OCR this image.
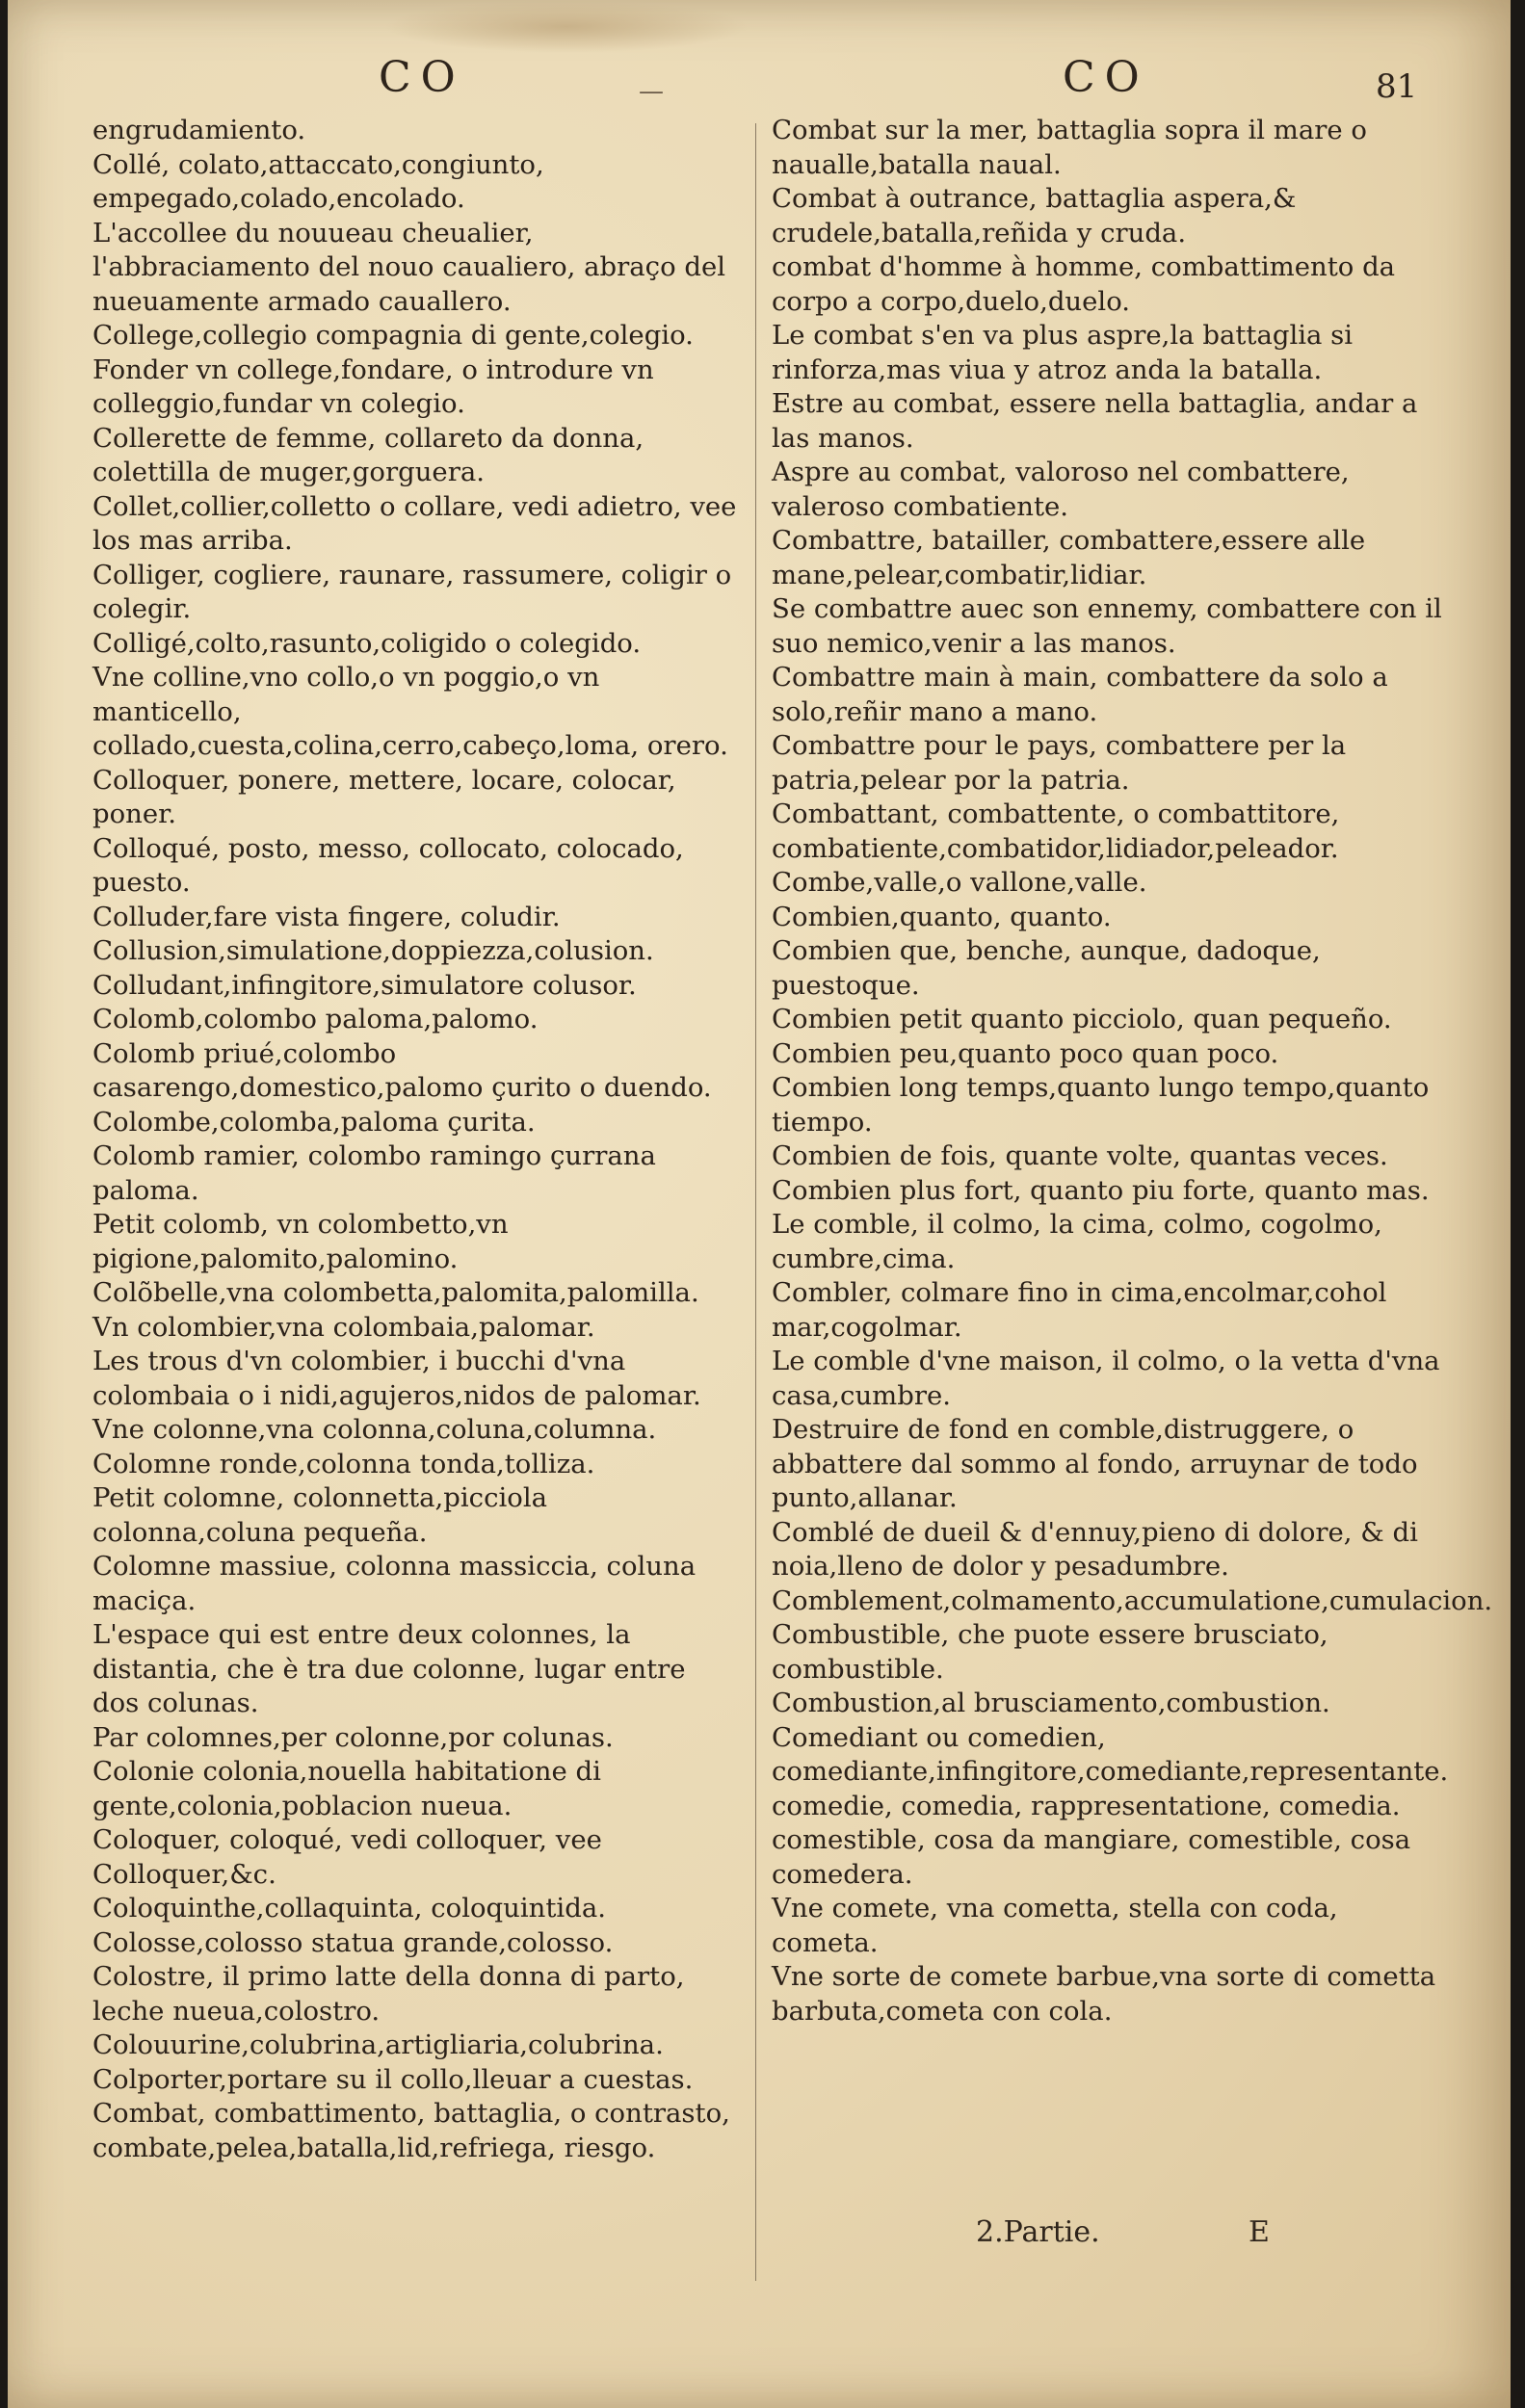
CO	—	CO	81

engrudamiento.

Collé, colato,attaccato,congiunto, empegado,colado,encolado.

L'accollee du nouueau cheualier, l'abbraciamento del nouo caualiero, abraço del nueuamente armado cauallero.

College,collegio compagnia di gente,colegio.

Fonder vn college,fondare, o introdure vn colleggio,fundar vn colegio.

Collerette de femme, collareto da donna, colettilla de muger,gorguera.

Collet,collier,colletto o collare, vedi adietro, vee los mas arriba.

Colliger, cogliere, raunare, rassumere, coligir o colegir.

Colligé,colto,rasunto,coligido o colegido.

Vne colline,vno collo,o vn poggio,o vn manticello, collado,cuesta,colina,cerro,cabeço,loma, orero.

Colloquer, ponere, mettere, locare, colocar, poner.

Colloqué, posto, messo, collocato, colocado, puesto.

Colluder,fare vista fingere, coludir.

Collusion,simulatione,doppiezza,colusion.

Colludant,infingitore,simulatore colusor.

Colomb,colombo paloma,palomo.

Colomb priué,colombo casarengo,domestico,palomo çurito o duendo.

Colombe,colomba,paloma çurita.

Colomb ramier, colombo ramingo çurrana paloma.

Petit colomb, vn colombetto,vn pigione,palomito,palomino.

Colõbelle,vna colombetta,palomita,palomilla.

Vn colombier,vna colombaia,palomar.

Les trous d'vn colombier, i bucchi d'vna colombaia o i nidi,agujeros,nidos de palomar.

Vne colonne,vna colonna,coluna,columna.

Colomne ronde,colonna tonda,tolliza.

Petit colomne, colonnetta,picciola colonna,coluna pequeña.

Colomne massiue, colonna massiccia, coluna maciça.

L'espace qui est entre deux colonnes, la distantia, che è tra due colonne, lugar entre dos colunas.

Par colomnes,per colonne,por colunas.

Colonie colonia,nouella habitatione di gente,colonia,poblacion nueua.

Coloquer, coloqué, vedi colloquer, vee Colloquer,&c.

Coloquinthe,collaquinta, coloquintida.

Colosse,colosso statua grande,colosso.

Colostre, il primo latte della donna di parto, leche nueua,colostro.

Colouurine,colubrina,artigliaria,colubrina.

Colporter,portare su il collo,lleuar a cuestas.

Combat, combattimento, battaglia, o contrasto, combate,pelea,batalla,lid,refriega, riesgo.

Combat sur la mer, battaglia sopra il mare o naualle,batalla naual.

Combat à outrance, battaglia aspera,& crudele,batalla,reñida y cruda.

combat d'homme à homme, combattimento da corpo a corpo,duelo,duelo.

Le combat s'en va plus aspre,la battaglia si rinforza,mas viua y atroz anda la batalla.

Estre au combat, essere nella battaglia, andar a las manos.

Aspre au combat, valoroso nel combattere, valeroso combatiente.

Combattre, batailler, combattere,essere alle mane,pelear,combatir,lidiar.

Se combattre auec son ennemy, combattere con il suo nemico,venir a las manos.

Combattre main à main, combattere da solo a solo,reñir mano a mano.

Combattre pour le pays, combattere per la patria,pelear por la patria.

Combattant, combattente, o combattitore, combatiente,combatidor,lidiador,peleador.

Combe,valle,o vallone,valle.

Combien,quanto, quanto.

Combien que, benche, aunque, dadoque, puestoque.

Combien petit quanto picciolo, quan pequeño.

Combien peu,quanto poco quan poco.

Combien long temps,quanto lungo tempo,quanto tiempo.

Combien de fois, quante volte, quantas veces.

Combien plus fort, quanto piu forte, quanto mas.

Le comble, il colmo, la cima, colmo, cogolmo, cumbre,cima.

Combler, colmare fino in cima,encolmar,cohol mar,cogolmar.

Le comble d'vne maison, il colmo, o la vetta d'vna casa,cumbre.

Destruire de fond en comble,distruggere, o abbattere dal sommo al fondo, arruynar de todo punto,allanar.

Comblé de dueil & d'ennuy,pieno di dolore, & di noia,lleno de dolor y pesadumbre.

Comblement,colmamento,accumulatione,cumulacion.

Combustible, che puote essere brusciato, combustible.

Combustion,al brusciamento,combustion.

Comediant ou comedien, comediante,infingitore,comediante,representante.

comedie, comedia, rappresentatione, comedia.

comestible, cosa da mangiare, comestible, cosa comedera.

Vne comete, vna cometta, stella con coda, cometa.

Vne sorte de comete barbue,vna sorte di cometta barbuta,cometa con cola.

2.Partie.	E
